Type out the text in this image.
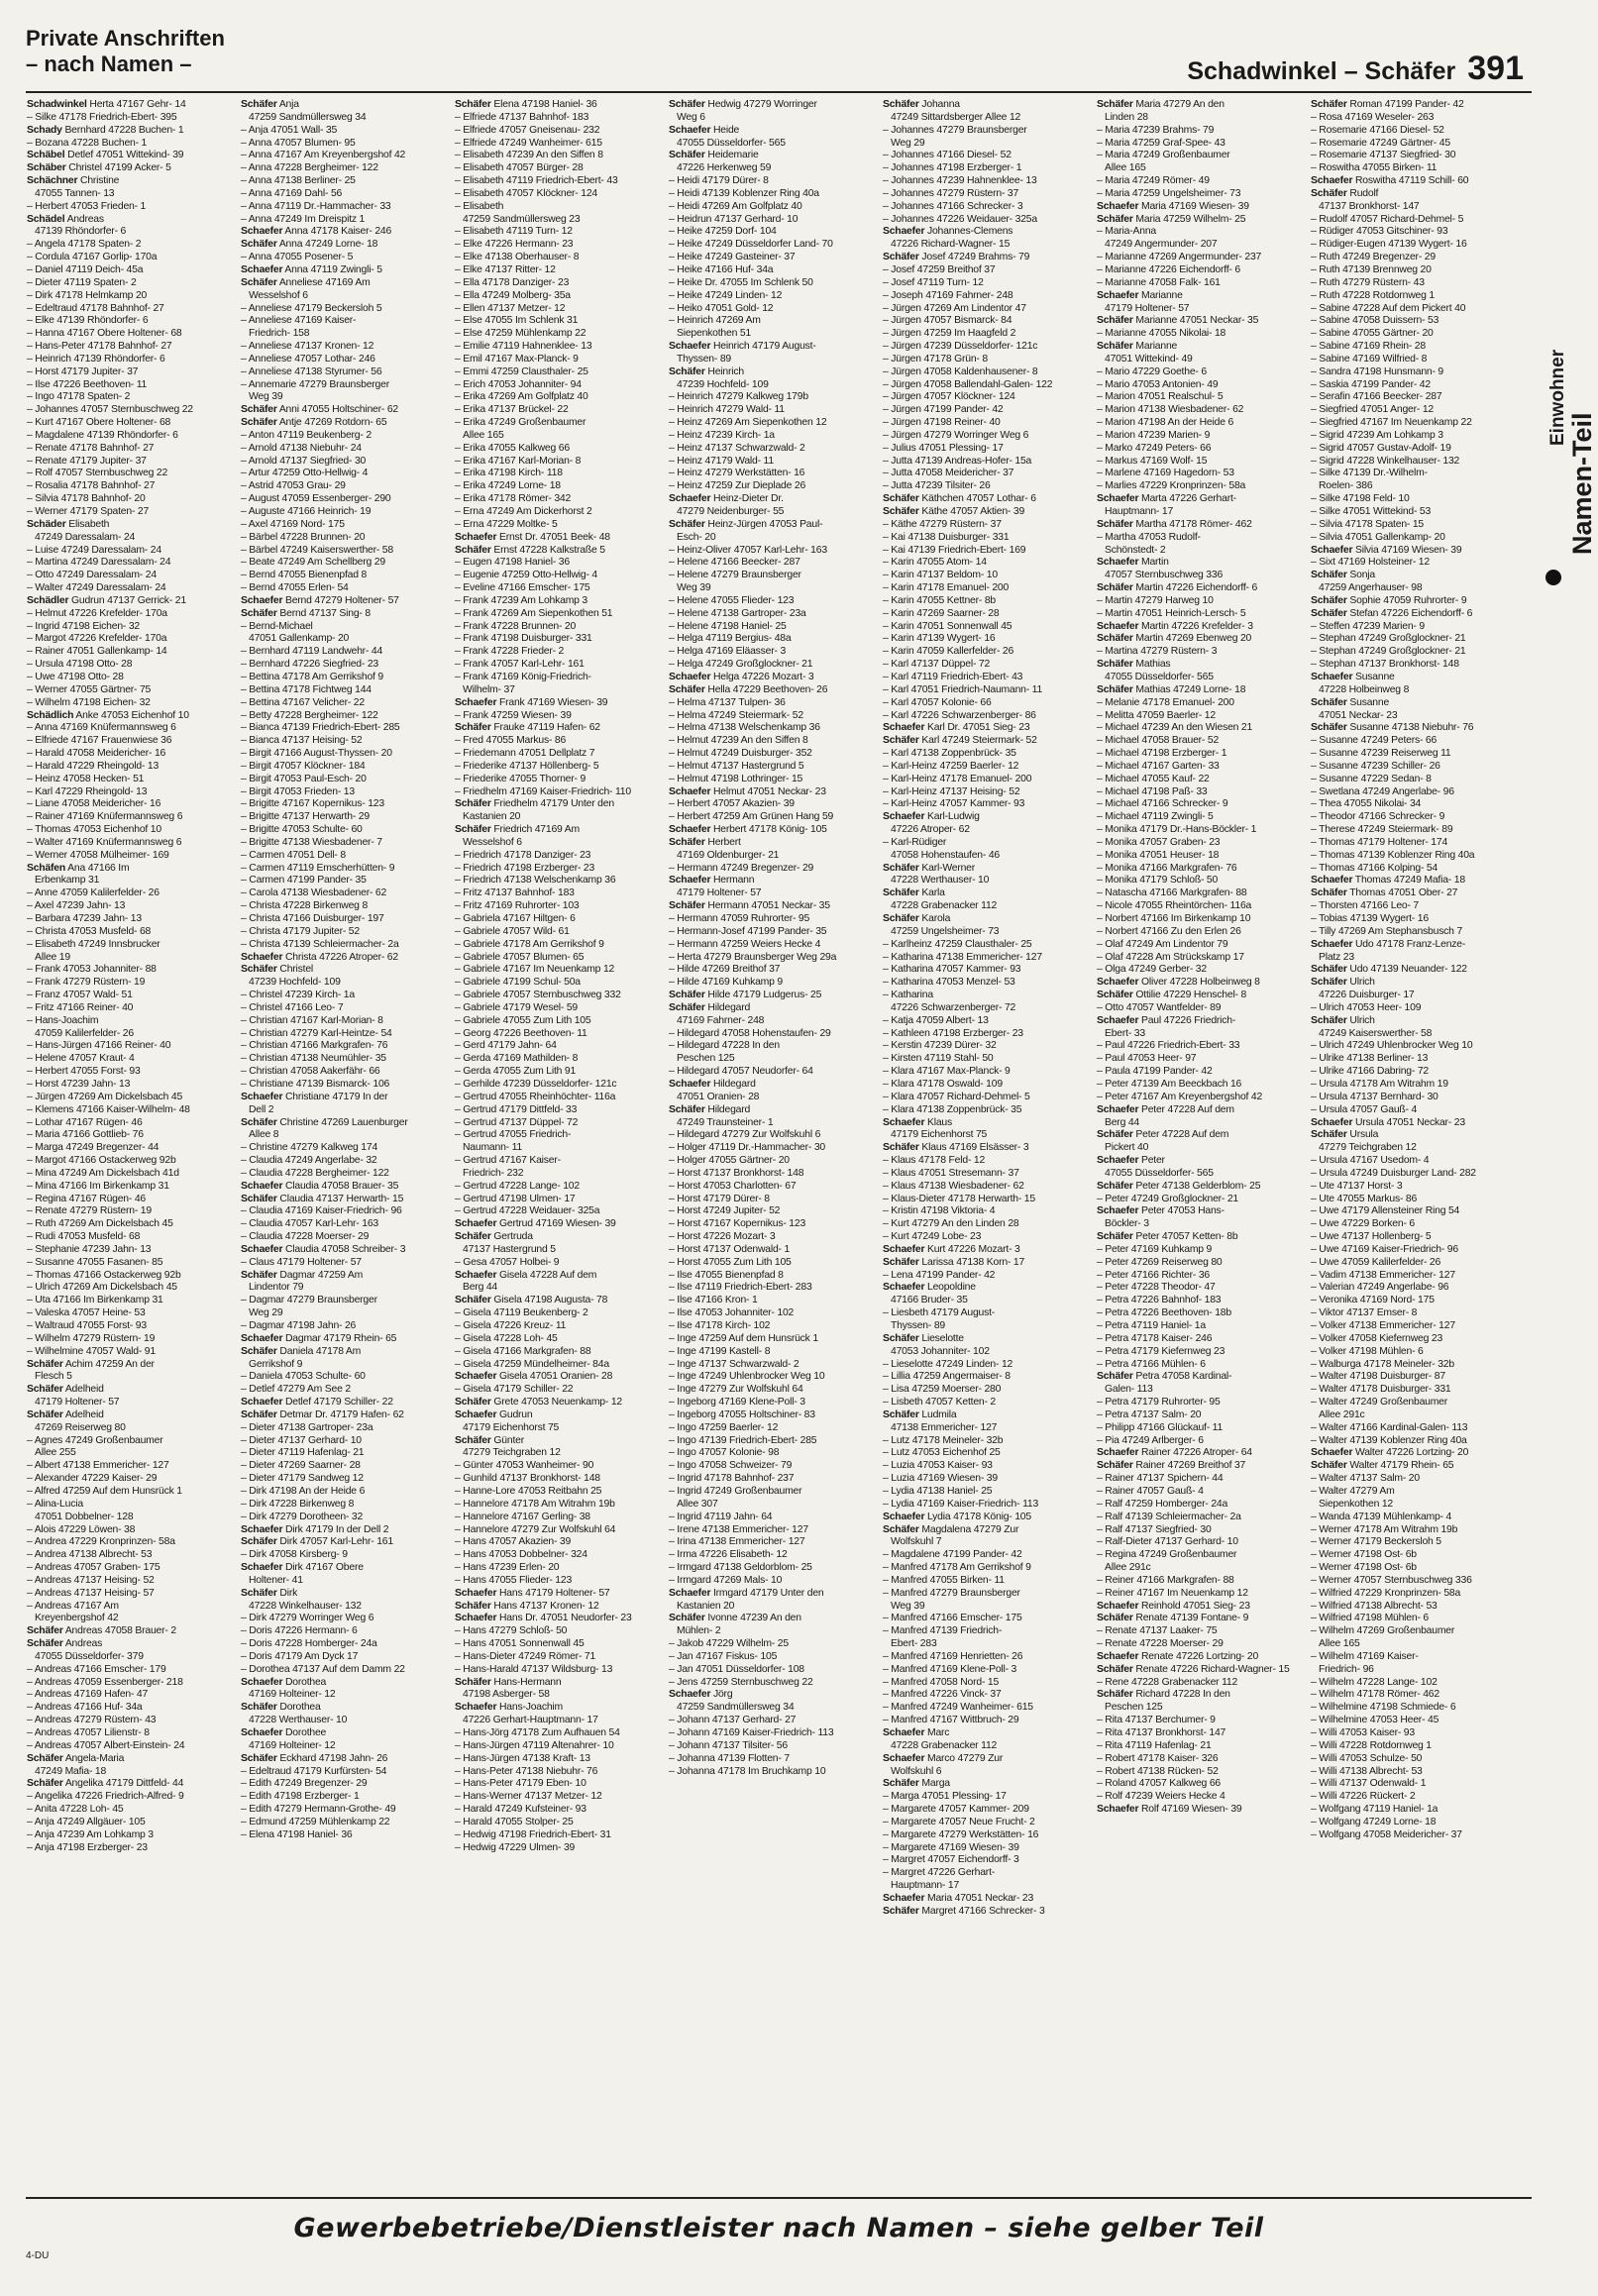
Private Anschriften
– nach Namen –	Schadwinkel – Schäfer 391
Schadwinkel Herta 47167 Gehr- 14
– Silke 47178 Friedrich-Ebert- 395
Schady Bernhard 47228 Buchen- 1
– Bozana 47228 Buchen- 1
Schäbel Detlef 47051 Wittekind- 39
Schäber Christel 47199 Acker- 5
Schächner Christine
47055 Tannen- 13
– Herbert 47053 Frieden- 1
Schädel Andreas
47139 Rhöndorfer- 6
– Angela 47178 Spaten- 2
– Cordula 47167 Gorlip- 170a
– Daniel 47119 Deich- 45a
– Dieter 47119 Spaten- 2
– Dirk 47178 Helmkamp 20
– Edeltraud 47178 Bahnhof- 27
– Elke 47139 Rhöndorfer- 6
– Hanna 47167 Obere Holtener- 68
– Hans-Peter 47178 Bahnhof- 27
– Heinrich 47139 Rhöndorfer- 6
– Horst 47179 Jupiter- 37
– Ilse 47226 Beethoven- 11
– Ingo 47178 Spaten- 2
– Johannes 47057 Sternbuschweg 22
– Kurt 47167 Obere Holtener- 68
– Magdalene 47139 Rhöndorfer- 6
– Renate 47178 Bahnhof- 27
– Renate 47179 Jupiter- 37
– Rolf 47057 Sternbuschweg 22
– Rosalia 47178 Bahnhof- 27
– Silvia 47178 Bahnhof- 20
– Werner 47179 Spaten- 27
Schäder Elisabeth
47249 Daressalam- 24
– Luise 47249 Daressalam- 24
– Martina 47249 Daressalam- 24
– Otto 47249 Daressalam- 24
– Walter 47249 Daressalam- 24
Schädler Gudrun 47137 Gerrick- 21
– Helmut 47226 Krefelder- 170a
– Ingrid 47198 Eichen- 32
– Margot 47226 Krefelder- 170a
– Rainer 47051 Gallenkamp- 14
– Ursula 47198 Otto- 28
– Uwe 47198 Otto- 28
– Werner 47055 Gärtner- 75
– Wilhelm 47198 Eichen- 32
Schädlich Anke 47053 Eichenhof 10
– Anna 47169 Knüfermannsweg 6
– Elfriede 47167 Frauenwiese 36
– Harald 47058 Meidericher- 16
– Harald 47229 Rheingold- 13
– Heinz 47058 Hecken- 51
– Karl 47229 Rheingold- 13
– Liane 47058 Meidericher- 16
– Rainer 47169 Knüfermannsweg 6
– Thomas 47053 Eichenhof 10
– Walter 47169 Knüfermannsweg 6
– Werner 47058 Mülheimer- 169
Schäfen Ana 47166 Im
Erbenkamp 31
– Anne 47059 Kalilerfelder- 26
– Axel 47239 Jahn- 13
– Barbara 47239 Jahn- 13
– Christa 47053 Musfeld- 68
– Elisabeth 47249 Innsbrucker
Allee 19
– Frank 47053 Johanniter- 88
– Frank 47279 Rüstern- 19
– Franz 47057 Wald- 51
– Fritz 47166 Reiner- 40
– Hans-Joachim
47059 Kalilerfelder- 26
– Hans-Jürgen 47166 Reiner- 40
– Helene 47057 Kraut- 4
– Herbert 47055 Forst- 93
– Horst 47239 Jahn- 13
– Jürgen 47269 Am Dickelsbach 45
– Klemens 47166 Kaiser-Wilhelm- 48
– Lothar 47167 Rügen- 46
– Maria 47166 Gottlieb- 76
– Marga 47249 Bregenzer- 44
– Margot 47166 Ostackerweg 92b
– Mina 47249 Am Dickelsbach 41d
– Mina 47166 Im Birkenkamp 31
– Regina 47167 Rügen- 46
– Renate 47279 Rüstern- 19
– Ruth 47269 Am Dickelsbach 45
– Rudi 47053 Musfeld- 68
– Stephanie 47239 Jahn- 13
– Susanne 47055 Fasanen- 85
– Thomas 47166 Ostackerweg 92b
– Ulrich 47269 Am Dickelsbach 45
– Uta 47166 Im Birkenkamp 31
– Valeska 47057 Heine- 53
– Waltraud 47055 Forst- 93
– Wilhelm 47279 Rüstern- 19
– Wilhelmine 47057 Wald- 91
Schäfer Achim 47259 An der
Flesch 5
Schäfer Adelheid
47179 Holtener- 57
Schäfer Adelheid
47269 Reiserweg 80
– Agnes 47249 Großenbaumer
Allee 255
– Albert 47138 Emmericher- 127
– Alexander 47229 Kaiser- 29
– Alfred 47259 Auf dem Hunsrück 1
– Alina-Lucia
47051 Dobbelner- 128
– Alois 47229 Löwen- 38
– Andrea 47229 Kronprinzen- 58a
– Andrea 47138 Albrecht- 53
– Andreas 47057 Graben- 175
– Andreas 47137 Heising- 52
– Andreas 47137 Heising- 57
– Andreas 47167 Am
Kreyenbergshof 42
Schäfer Andreas 47058 Brauer- 2
Schäfer Andreas
47055 Düsseldorfer- 379
– Andreas 47166 Emscher- 179
– Andreas 47059 Essenberger- 218
– Andreas 47169 Hafen- 47
– Andreas 47166 Huf- 34a
– Andreas 47279 Rüstern- 43
– Andreas 47057 Lilienstr- 8
– Andreas 47057 Albert-Einstein- 24
Schäfer Angela-Maria
47249 Mafia- 18
Schäfer Angelika 47179 Dittfeld- 44
– Angelika 47226 Friedrich-Alfred- 9
– Anita 47228 Loh- 45
– Anja 47249 Allgäuer- 105
– Anja 47239 Am Lohkamp 3
– Anja 47198 Erzberger- 23
Schäfer Anja
47259 Sandmüllersweg 34
– Anja 47051 Wall- 35
– Anna 47057 Blumen- 95
– Anna 47167 Am Kreyenbergshof 42
– Anna 47228 Bergheimer- 122
– Anna 47138 Berliner- 25
– Anna 47169 Dahl- 56
– Anna 47119 Dr.-Hammacher- 33
– Anna 47249 Im Dreispitz 1
Schaefer Anna 47178 Kaiser- 246
Schäfer Anna 47249 Lorne- 18
– Anna 47055 Posener- 5
Schaefer Anna 47119 Zwingli- 5
Schäfer Anneliese 47169 Am
Wesselshof 6
– Anneliese 47179 Beckersloh 5
– Anneliese 47169 Kaiser-
Friedrich- 158
– Anneliese 47137 Kronen- 12
– Anneliese 47057 Lothar- 246
– Anneliese 47138 Styrumer- 56
– Annemarie 47279 Braunsberger
Weg 39
Schäfer Anni 47055 Holtschiner- 62
Schäfer Antje 47269 Rotdorn- 65
– Anton 47119 Beukenberg- 2
– Arnold 47138 Niebuhr- 24
– Arnold 47137 Siegfried- 30
– Artur 47259 Otto-Hellwig- 4
– Astrid 47053 Grau- 29
– August 47059 Essenberger- 290
– Auguste 47166 Heinrich- 19
– Axel 47169 Nord- 175
– Bärbel 47228 Brunnen- 20
– Bärbel 47249 Kaiserswerther- 58
– Beate 47249 Am Schellberg 29
– Bernd 47055 Bienenpfad 8
– Bernd 47055 Erlen- 54
Schaefer Bernd 47279 Holtener- 57
Schäfer Bernd 47137 Sing- 8
– Bernd-Michael
47051 Gallenkamp- 20
– Bernhard 47119 Landwehr- 44
– Bernhard 47226 Siegfried- 23
– Bettina 47178 Am Gerrikshof 9
– Bettina 47178 Fichtweg 144
– Bettina 47167 Velicher- 22
– Betty 47228 Bergheimer- 122
– Bianca 47139 Friedrich-Ebert- 285
– Bianca 47137 Heising- 52
– Birgit 47166 August-Thyssen- 20
– Birgit 47057 Klöckner- 184
– Birgit 47053 Paul-Esch- 20
– Birgit 47053 Frieden- 13
– Brigitte 47167 Kopernikus- 123
– Brigitte 47137 Herwarth- 29
– Brigitte 47053 Schulte- 60
– Brigitte 47138 Wiesbadener- 7
– Carmen 47051 Dell- 8
– Carmen 47119 Emscherhütten- 9
– Carmen 47199 Pander- 35
– Carola 47138 Wiesbadener- 62
– Christa 47228 Birkenweg 8
– Christa 47166 Duisburger- 197
– Christa 47179 Jupiter- 52
– Christa 47139 Schleiermacher- 2a
Schaefer Christa 47226 Atroper- 62
Schäfer Christel
47239 Hochfeld- 109
– Christel 47239 Kirch- 1a
– Christel 47166 Leo- 7
– Christian 47167 Karl-Morian- 8
– Christian 47279 Karl-Heintze- 54
– Christian 47166 Markgrafen- 76
– Christian 47138 Neumühler- 35
– Christian 47058 Aakerfähr- 66
– Christiane 47139 Bismarck- 106
Schaefer Christiane 47179 In der
Dell 2
Schäfer Christine 47269 Lauenburger
Allee 8
– Christine 47279 Kalkweg 174
– Claudia 47249 Angerlabe- 32
– Claudia 47228 Bergheimer- 122
Schaefer Claudia 47058 Brauer- 35
Schäfer Claudia 47137 Herwarth- 15
– Claudia 47169 Kaiser-Friedrich- 96
– Claudia 47057 Karl-Lehr- 163
– Claudia 47228 Moerser- 29
Schaefer Claudia 47058 Schreiber- 3
– Claus 47179 Holtener- 57
Schäfer Dagmar 47259 Am
Lindentor 79
– Dagmar 47279 Braunsberger
Weg 29
– Dagmar 47198 Jahn- 26
Schaefer Dagmar 47179 Rhein- 65
Schäfer Daniela 47178 Am
Gerrikshof 9
– Daniela 47053 Schulte- 60
– Detlef 47279 Am See 2
Schaefer Detlef 47179 Schiller- 22
Schäfer Detmar Dr. 47179 Hafen- 62
– Dieter 47138 Gartroper- 23a
– Dieter 47137 Gerhard- 10
– Dieter 47119 Hafenlag- 21
– Dieter 47269 Saarner- 28
– Dieter 47179 Sandweg 12
– Dirk 47198 An der Heide 6
– Dirk 47228 Birkenweg 8
– Dirk 47279 Dorotheen- 32
Schaefer Dirk 47179 In der Dell 2
Schäfer Dirk 47057 Karl-Lehr- 161
– Dirk 47058 Kirsberg- 9
Schaefer Dirk 47167 Obere
Holtener- 41
Schäfer Dirk
47228 Winkelhauser- 132
– Dirk 47279 Worringer Weg 6
– Doris 47226 Hermann- 6
– Doris 47228 Homberger- 24a
– Doris 47179 Am Dyck 17
– Dorothea 47137 Auf dem Damm 22
Schaefer Dorothea
47169 Holteiner- 12
Schäfer Dorothea
47228 Werthauser- 10
Schaefer Dorothee
47169 Holteiner- 12
Schäfer Eckhard 47198 Jahn- 26
– Edeltraud 47179 Kurfürsten- 54
– Edith 47249 Bregenzer- 29
– Edith 47198 Erzberger- 1
– Edith 47279 Hermann-Grothe- 49
– Edmund 47259 Mühlenkamp 22
– Elena 47198 Haniel- 36
Schäfer Elena 47198 Haniel- 36
– Elfriede 47137 Bahnhof- 183
– Elfriede 47057 Gneisenau- 232
– Elfriede 47249 Wanheimer- 615
– Elisabeth 47239 An den Siffen 8
– Elisabeth 47057 Bürger- 28
– Elisabeth 47119 Friedrich-Ebert- 43
– Elisabeth 47057 Klöckner- 124
– Elisabeth
47259 Sandmüllersweg 23
– Elisabeth 47119 Turn- 12
– Elke 47226 Hermann- 23
– Elke 47138 Oberhauser- 8
– Elke 47137 Ritter- 12
– Ella 47178 Danziger- 23
– Ella 47249 Molberg- 35a
– Ellen 47137 Metzer- 12
– Else 47055 Im Schlenk 31
– Else 47259 Mühlenkamp 22
– Emilie 47119 Hahnenklee- 13
– Emil 47167 Max-Planck- 9
– Emmi 47259 Clausthaler- 25
– Erich 47053 Johanniter- 94
– Erika 47269 Am Golfplatz 40
– Erika 47137 Brückel- 22
– Erika 47249 Großenbaumer
Allee 165
– Erika 47055 Kalkweg 66
– Erika 47167 Karl-Morian- 8
– Erika 47198 Kirch- 118
– Erika 47249 Lorne- 18
– Erika 47178 Römer- 342
– Erna 47249 Am Dickerhorst 2
– Erna 47229 Moltke- 5
Schaefer Ernst Dr. 47051 Beek- 48
Schäfer Ernst 47228 Kalkstraße 5
– Eugen 47198 Haniel- 36
– Eugenie 47259 Otto-Hellwig- 4
– Eveline 47166 Emscher- 175
– Frank 47239 Am Lohkamp 3
– Frank 47269 Am Siepenkothen 51
– Frank 47228 Brunnen- 20
– Frank 47198 Duisburger- 331
– Frank 47228 Frieder- 2
– Frank 47057 Karl-Lehr- 161
– Frank 47169 König-Friedrich-
Wilhelm- 37
Schaefer Frank 47169 Wiesen- 39
– Frank 47259 Wiesen- 39
Schäfer Frauke 47119 Hafen- 62
– Fred 47055 Markus- 86
– Friedemann 47051 Dellplatz 7
– Friederike 47137 Höllenberg- 5
– Friederike 47055 Thorner- 9
– Friedhelm 47169 Kaiser-Friedrich- 110
Schäfer Friedhelm 47179 Unter den
Kastanien 20
Schäfer Friedrich 47169 Am
Wesselshof 6
– Friedrich 47178 Danziger- 23
– Friedrich 47198 Erzberger- 23
– Friedrich 47138 Welschenkamp 36
– Fritz 47137 Bahnhof- 183
– Fritz 47169 Ruhrorter- 103
– Gabriela 47167 Hiltgen- 6
– Gabriele 47057 Wild- 61
– Gabriele 47178 Am Gerrikshof 9
– Gabriele 47057 Blumen- 65
– Gabriele 47167 Im Neuenkamp 12
– Gabriele 47199 Schul- 50a
– Gabriele 47057 Sternbuschweg 332
– Gabriele 47179 Wesel- 59
– Gabriele 47055 Zum Lith 105
– Georg 47226 Beethoven- 11
– Gerd 47179 Jahn- 64
– Gerda 47169 Mathilden- 8
– Gerda 47055 Zum Lith 91
– Gerhilde 47239 Düsseldorfer- 121c
– Gertrud 47055 Rheinhöchter- 116a
– Gertrud 47179 Dittfeld- 33
– Gertrud 47137 Düppel- 72
– Gertrud 47055 Friedrich-
Naumann- 11
– Gertrud 47167 Kaiser-
Friedrich- 232
– Gertrud 47228 Lange- 102
– Gertrud 47198 Ulmen- 17
– Gertrud 47228 Weidauer- 325a
Schaefer Gertrud 47169 Wiesen- 39
Schäfer Gertruda
47137 Hastergrund 5
– Gesa 47057 Holbei- 9
Schaefer Gisela 47228 Auf dem
Berg 44
Schäfer Gisela 47198 Augusta- 78
– Gisela 47119 Beukenberg- 2
– Gisela 47226 Kreuz- 11
– Gisela 47228 Loh- 45
– Gisela 47166 Markgrafen- 88
– Gisela 47259 Mündelheimer- 84a
Schaefer Gisela 47051 Oranien- 28
– Gisela 47179 Schiller- 22
Schäfer Grete 47053 Neuenkamp- 12
Schaefer Gudrun
47179 Eichenhorst 75
Schäfer Günter
47279 Teichgraben 12
– Günter 47053 Wanheimer- 90
– Gunhild 47137 Bronkhorst- 148
– Hanne-Lore 47053 Reitbahn 25
– Hannelore 47178 Am Witrahm 19b
– Hannelore 47167 Gerling- 38
– Hannelore 47279 Zur Wolfskuhl 64
– Hans 47057 Akazien- 39
– Hans 47053 Dobbelner- 324
– Hans 47239 Erlen- 20
– Hans 47055 Flieder- 123
Schaefer Hans 47179 Holtener- 57
Schäfer Hans 47137 Kronen- 12
Schaefer Hans Dr. 47051 Neudorfer- 23
– Hans 47279 Schloß- 50
– Hans 47051 Sonnenwall 45
– Hans-Dieter 47249 Römer- 71
– Hans-Harald 47137 Wildsburg- 13
Schäfer Hans-Hermann
47198 Asberger- 58
Schaefer Hans-Joachim
47226 Gerhart-Hauptmann- 17
– Hans-Jörg 47178 Zum Aufhauen 54
– Hans-Jürgen 47119 Altenahrer- 10
– Hans-Jürgen 47138 Kraft- 13
– Hans-Peter 47138 Niebuhr- 76
– Hans-Peter 47179 Eben- 10
– Hans-Werner 47137 Metzer- 12
– Harald 47249 Kufsteiner- 93
– Harald 47055 Stolper- 25
– Hedwig 47198 Friedrich-Ebert- 31
– Hedwig 47229 Ulmen- 39
Schäfer Hedwig 47279 Worringer
Weg 6
Schaefer Heide
47055 Düsseldorfer- 565
Schäfer Heidemarie
47226 Herkenweg 59
– Heidi 47179 Dürer- 8
– Heidi 47139 Koblenzer Ring 40a
– Heidi 47269 Am Golfplatz 40
– Heidrun 47137 Gerhard- 10
– Heike 47259 Dorf- 104
– Heike 47249 Düsseldorfer Land- 70
– Heike 47249 Gasteiner- 37
– Heike 47166 Huf- 34a
– Heike Dr. 47055 Im Schlenk 50
– Heike 47249 Linden- 12
– Heiko 47051 Gold- 12
– Heinrich 47269 Am
Siepenkothen 51
Schaefer Heinrich 47179 August-
Thyssen- 89
Schäfer Heinrich
47239 Hochfeld- 109
– Heinrich 47279 Kalkweg 179b
– Heinrich 47279 Wald- 11
– Heinz 47269 Am Siepenkothen 12
– Heinz 47239 Kirch- 1a
– Heinz 47137 Schwarzwald- 2
– Heinz 47179 Wald- 11
– Heinz 47279 Werkstätten- 16
– Heinz 47259 Zur Diepladе 26
Schaefer Heinz-Dieter Dr.
47279 Neidenburger- 55
Schäfer Heinz-Jürgen 47053 Paul-
Esch- 20
– Heinz-Oliver 47057 Karl-Lehr- 163
– Helene 47166 Beecker- 287
– Helene 47279 Braunsberger
Weg 39
– Helene 47055 Flieder- 123
– Helene 47138 Gartroper- 23a
– Helene 47198 Haniel- 25
– Helga 47119 Bergius- 48a
– Helga 47169 Eläasser- 3
– Helga 47249 Großglockner- 21
Schaefer Helga 47226 Mozart- 3
Schäfer Hella 47229 Beethoven- 26
– Helma 47137 Tulpen- 36
– Helma 47249 Steiermark- 52
– Helma 47138 Welschenkamp 36
– Helmut 47239 An den Siffen 8
– Helmut 47249 Duisburger- 352
– Helmut 47137 Hastergrund 5
– Helmut 47198 Lothringer- 15
Schaefer Helmut 47051 Neckar- 23
– Herbert 47057 Akazien- 39
– Herbert 47259 Am Grünen Hang 59
Schaefer Herbert 47178 König- 105
Schäfer Herbert
47169 Oldenburger- 21
– Hermann 47249 Bregenzer- 29
Schaefer Hermann
47179 Holtener- 57
Schäfer Hermann 47051 Neckar- 35
– Hermann 47059 Ruhrorter- 95
– Hermann-Josef 47199 Pander- 35
– Hermann 47259 Weiers Hecke 4
– Herta 47279 Braunsberger Weg 29a
– Hilde 47269 Breithof 37
– Hilde 47169 Kuhkamp 9
Schäfer Hilde 47179 Ludgerus- 25
Schäfer Hildegard
47169 Fahrner- 248
– Hildegard 47058 Hohenstaufen- 29
– Hildegard 47228 In den
Peschen 125
– Hildegard 47057 Neudorfer- 64
Schaefer Hildegard
47051 Oranien- 28
Schäfer Hildegard
47249 Traunsteiner- 1
– Hildegard 47279 Zur Wolfskuhl 6
– Holger 47119 Dr.-Hammacher- 30
– Holger 47055 Gärtner- 20
– Horst 47137 Bronkhorst- 148
– Horst 47053 Charlotten- 67
– Horst 47179 Dürer- 8
– Horst 47249 Jupiter- 52
– Horst 47167 Kopernikus- 123
– Horst 47226 Mozart- 3
– Horst 47137 Odenwald- 1
– Horst 47055 Zum Lith 105
– Ilse 47055 Bienenpfad 8
– Ilse 47119 Friedrich-Ebert- 283
– Ilse 47166 Kron- 1
– Ilse 47053 Johanniter- 102
– Ilse 47178 Kirch- 102
– Inge 47259 Auf dem Hunsrück 1
– Inge 47199 Kastell- 8
– Inge 47137 Schwarzwald- 2
– Inge 47249 Uhlenbrocker Weg 10
– Inge 47279 Zur Wolfskuhl 64
– Ingeborg 47169 Klene-Poll- 3
– Ingeborg 47055 Holtschiner- 83
– Ingo 47259 Baerler- 12
– Ingo 47139 Friedrich-Ebert- 285
– Ingo 47057 Kolonie- 98
– Ingo 47058 Schweizer- 79
– Ingrid 47178 Bahnhof- 237
– Ingrid 47249 Großenbaumer
Allee 307
– Ingrid 47119 Jahn- 64
– Irene 47138 Emmericher- 127
– Irina 47138 Emmericher- 127
– Irma 47226 Elisabeth- 12
– Irmgard 47138 Geldorblom- 25
– Irmgard 47269 Mals- 10
Schaefer Irmgard 47179 Unter den
Kastanien 20
Schäfer Ivonne 47239 An den
Mühlen- 2
– Jakob 47229 Wilhelm- 25
– Jan 47167 Fiskus- 105
– Jan 47051 Düsseldorfer- 108
– Jens 47259 Sternbuschweg 22
Schaefer Jörg
47259 Sandmüllersweg 34
– Johann 47137 Gerhard- 27
– Johann 47169 Kaiser-Friedrich- 113
– Johann 47137 Tilsiter- 56
– Johanna 47139 Flotten- 7
– Johanna 47178 Im Bruchkamp 10
Schäfer Johanna
47249 Sittardsberger Allee 12
– Johannes 47279 Braunsberger
Weg 29
– Johannes 47166 Diesel- 52
– Johannes 47198 Erzberger- 1
– Johannes 47239 Hahnenklee- 13
– Johannes 47279 Rüstern- 37
– Johannes 47166 Schrecker- 3
– Johannes 47226 Weidauer- 325a
Schaefer Johannes-Clemens
47226 Richard-Wagner- 15
Schäfer Josef 47249 Brahms- 79
– Josef 47259 Breithof 37
– Josef 47119 Turn- 12
– Joseph 47169 Fahrner- 248
– Jürgen 47269 Am Lindentor 47
– Jürgen 47057 Bismarck- 84
– Jürgen 47259 Im Haagfeld 2
– Jürgen 47239 Düsseldorfer- 121c
– Jürgen 47178 Grün- 8
– Jürgen 47058 Kaldenhausener- 8
– Jürgen 47058 Ballendahl-Galen- 122
– Jürgen 47057 Klöckner- 124
– Jürgen 47199 Pander- 42
– Jürgen 47198 Reiner- 40
– Jürgen 47279 Worringer Weg 6
– Julius 47051 Plessing- 17
– Jutta 47139 Andreas-Hofer- 15a
– Jutta 47058 Meidericher- 37
– Jutta 47239 Tilsiter- 26
Schäfer Käthchen 47057 Lothar- 6
Schäfer Käthe 47057 Aktien- 39
– Käthe 47279 Rüstern- 37
– Kai 47138 Duisburger- 331
– Kai 47139 Friedrich-Ebert- 169
– Karin 47055 Atom- 14
– Karin 47137 Beldom- 10
– Karin 47178 Emanuel- 200
– Karin 47055 Kettner- 8b
– Karin 47269 Saarner- 28
– Karin 47051 Sonnenwall 45
– Karin 47139 Wygert- 16
– Karin 47059 Kallerfelder- 26
– Karl 47137 Düppel- 72
– Karl 47119 Friedrich-Ebert- 43
– Karl 47051 Friedrich-Naumann- 11
– Karl 47057 Kolonie- 66
– Karl 47226 Schwarzenberger- 86
Schaefer Karl Dr. 47051 Sieg- 23
Schäfer Karl 47249 Steiermark- 52
– Karl 47138 Zoppenbrück- 35
– Karl-Heinz 47259 Baerler- 12
– Karl-Heinz 47178 Emanuel- 200
– Karl-Heinz 47137 Heising- 52
– Karl-Heinz 47057 Kammer- 93
Schaefer Karl-Ludwig
47226 Atroper- 62
– Karl-Rüdiger
47058 Hohenstaufen- 46
Schäfer Karl-Werner
47228 Werthauser- 10
Schäfer Karla
47228 Grabenacker 112
Schäfer Karola
47259 Ungelsheimer- 73
– Karlheinz 47259 Clausthaler- 25
– Katharina 47138 Emmericher- 127
– Katharina 47057 Kammer- 93
– Katharina 47053 Menzel- 53
– Katharina
47226 Schwarzenberger- 72
– Katja 47059 Albert- 13
– Kathleen 47198 Erzberger- 23
– Kerstin 47239 Dürer- 32
– Kirsten 47119 Stahl- 50
– Klara 47167 Max-Planck- 9
– Klara 47178 Oswald- 109
– Klara 47057 Richard-Dehmel- 5
– Klara 47138 Zoppenbrück- 35
Schaefer Klaus
47179 Eichenhorst 75
Schäfer Klaus 47169 Elsässer- 3
– Klaus 47178 Feld- 12
– Klaus 47051 Stresemann- 37
– Klaus 47138 Wiesbadener- 62
– Klaus-Dieter 47178 Herwarth- 15
– Kristin 47198 Viktoria- 4
– Kurt 47279 An den Linden 28
– Kurt 47249 Lobe- 23
Schaefer Kurt 47226 Mozart- 3
Schäfer Larissa 47138 Korn- 17
– Lena 47199 Pander- 42
Schaefer Leopoldine
47166 Bruder- 35
– Liesbeth 47179 August-
Thyssen- 89
Schäfer Lieselotte
47053 Johanniter- 102
– Lieselotte 47249 Linden- 12
– Lillia 47259 Angermaiser- 8
– Lisa 47259 Moerser- 280
– Lisbeth 47057 Ketten- 2
Schäfer Ludmila
47138 Emmericher- 127
– Lutz 47178 Meineler- 32b
– Lutz 47053 Eichenhof 25
– Luzia 47053 Kaiser- 93
– Luzia 47169 Wiesen- 39
– Lydia 47138 Haniel- 25
– Lydia 47169 Kaiser-Friedrich- 113
Schaefer Lydia 47178 König- 105
Schäfer Magdalena 47279 Zur
Wolfskuhl 7
– Magdalene 47199 Pander- 42
– Manfred 47178 Am Gerrikshof 9
– Manfred 47055 Birken- 11
– Manfred 47279 Braunsberger
Weg 39
– Manfred 47166 Emscher- 175
– Manfred 47139 Friedrich-
Ebert- 283
– Manfred 47169 Henrietten- 26
– Manfred 47169 Klene-Poll- 3
– Manfred 47058 Nord- 15
– Manfred 47226 Vinck- 37
– Manfred 47249 Wanheimer- 615
– Manfred 47167 Wittbruch- 29
Schaefer Marc
47228 Grabenacker 112
Schaefer Marco 47279 Zur
Wolfskuhl 6
Schäfer Marga
– Marga 47051 Plessing- 17
– Margarete 47057 Kammer- 209
– Margarete 47057 Neue Frucht- 2
– Margarete 47279 Werkstätten- 16
– Margarete 47169 Wiesen- 39
– Margret 47057 Eichendorff- 3
– Margret 47226 Gerhart-
Hauptmann- 17
Schaefer Maria 47051 Neckar- 23
Schäfer Margret 47166 Schrecker- 3
Schäfer Maria 47279 An den
Linden 28
– Maria 47239 Brahms- 79
– Maria 47259 Graf-Spee- 43
– Maria 47249 Großenbaumer
Allee 165
– Maria 47249 Römer- 49
– Maria 47259 Ungelsheimer- 73
Schaefer Maria 47169 Wiesen- 39
Schäfer Maria 47259 Wilhelm- 25
– Maria-Anna
47249 Angermunder- 207
– Marianne 47269 Angermunder- 237
– Marianne 47226 Eichendorff- 6
– Marianne 47058 Falk- 161
Schaefer Marianne
47179 Holtener- 57
Schäfer Marianne 47051 Neckar- 35
– Marianne 47055 Nikolai- 18
Schäfer Marianne
47051 Wittekind- 49
– Mario 47229 Goethe- 6
– Mario 47053 Antonien- 49
– Marion 47051 Realschul- 5
– Marion 47138 Wiesbadener- 62
– Marion 47198 An der Heide 6
– Marion 47239 Marien- 9
– Marko 47249 Peters- 66
– Markus 47169 Wolf- 15
– Marlene 47169 Hagedorn- 53
– Marlies 47229 Kronprinzen- 58a
Schaefer Marta 47226 Gerhart-
Hauptmann- 17
Schäfer Martha 47178 Römer- 462
– Martha 47053 Rudolf-
Schönstedt- 2
Schaefer Martin
47057 Sternbuschweg 336
Schäfer Martin 47226 Eichendorff- 6
– Martin 47279 Harweg 10
– Martin 47051 Heinrich-Lersch- 5
Schaefer Martin 47226 Krefelder- 3
Schäfer Martin 47269 Ebenweg 20
– Martina 47279 Rüstern- 3
Schäfer Mathias
47055 Düsseldorfer- 565
Schäfer Mathias 47249 Lorne- 18
– Melanie 47178 Emanuel- 200
– Melitta 47059 Baerler- 12
– Michael 47239 An den Wiesen 21
– Michael 47058 Brauer- 52
– Michael 47198 Erzberger- 1
– Michael 47167 Garten- 33
– Michael 47055 Kauf- 22
– Michael 47198 Paß- 33
– Michael 47166 Schrecker- 9
– Michael 47119 Zwingli- 5
– Monika 47179 Dr.-Hans-Böckler- 1
– Monika 47057 Graben- 23
– Monika 47051 Heuser- 18
– Monika 47166 Markgrafen- 76
– Monika 47179 Schloß- 50
– Natascha 47166 Markgrafen- 88
– Nicole 47055 Rheintörchen- 116a
– Norbert 47166 Im Birkenkamp 10
– Norbert 47166 Zu den Erlen 26
– Olaf 47249 Am Lindentor 79
– Olaf 47228 Am Strückskamp 17
– Olga 47249 Gerber- 32
Schaefer Oliver 47228 Holbeinweg 8
Schäfer Ottilie 47229 Henschel- 8
– Otto 47057 Wantfelder- 89
Schaefer Paul 47226 Friedrich-
Ebert- 33
– Paul 47226 Friedrich-Ebert- 33
– Paul 47053 Heer- 97
– Paula 47199 Pander- 42
– Peter 47139 Am Beeckbach 16
– Peter 47167 Am Kreyenbergshof 42
Schaefer Peter 47228 Auf dem
Berg 44
Schäfer Peter 47228 Auf dem
Pickert 40
Schaefer Peter
47055 Düsseldorfer- 565
Schäfer Peter 47138 Gelderblom- 25
– Peter 47249 Großglockner- 21
Schaefer Peter 47053 Hans-
Böckler- 3
Schäfer Peter 47057 Ketten- 8b
– Peter 47169 Kuhkamp 9
– Peter 47269 Reiserweg 80
– Peter 47166 Richter- 36
– Peter 47228 Theodor- 47
– Petra 47226 Bahnhof- 183
– Petra 47226 Beethoven- 18b
– Petra 47119 Haniel- 1a
– Petra 47178 Kaiser- 246
– Petra 47179 Kiefernweg 23
– Petra 47166 Mühlen- 6
Schäfer Petra 47058 Kardinal-
Galen- 113
– Petra 47179 Ruhrorter- 95
– Petra 47137 Salm- 20
– Philipp 47166 Glückauf- 11
– Pia 47249 Arlberger- 6
Schaefer Rainer 47226 Atroper- 64
Schäfer Rainer 47269 Breithof 37
– Rainer 47137 Spichern- 44
– Rainer 47057 Gauß- 4
– Ralf 47259 Homberger- 24a
– Ralf 47139 Schleiermacher- 2a
– Ralf 47137 Siegfried- 30
– Ralf-Dieter 47137 Gerhard- 10
– Regina 47249 Großenbaumer
Allee 291c
– Reiner 47166 Markgrafen- 88
– Reiner 47167 Im Neuenkamp 12
Schaefer Reinhold 47051 Sieg- 23
Schäfer Renate 47139 Fontane- 9
– Renate 47137 Laaker- 75
– Renate 47228 Moerser- 29
Schaefer Renate 47226 Lortzing- 20
Schäfer Renate 47226 Richard-Wagner- 15
– Rene 47228 Grabenacker 112
Schäfer Richard 47228 In den
Peschen 125
– Rita 47137 Berchumer- 9
– Rita 47137 Bronkhorst- 147
– Rita 47119 Hafenlag- 21
– Robert 47178 Kaiser- 326
– Robert 47138 Rücken- 52
– Roland 47057 Kalkweg 66
– Rolf 47239 Weiers Hecke 4
Schaefer Rolf 47169 Wiesen- 39
Schäfer Roman 47199 Pander- 42
– Rosa 47169 Weseler- 263
– Rosemarie 47166 Diesel- 52
– Rosemarie 47249 Gärtner- 45
– Rosemarie 47137 Siegfried- 30
– Roswitha 47055 Birken- 11
Schaefer Roswitha 47119 Schill- 60
Schäfer Rudolf
47137 Bronkhorst- 147
– Rudolf 47057 Richard-Dehmel- 5
– Rüdiger 47053 Gitschiner- 93
– Rüdiger-Eugen 47139 Wygert- 16
– Ruth 47249 Bregenzer- 29
– Ruth 47139 Brennweg 20
– Ruth 47279 Rüstern- 43
– Ruth 47228 Rotdornweg 1
– Sabine 47228 Auf dem Pickert 40
– Sabine 47058 Duissern- 53
– Sabine 47055 Gärtner- 20
– Sabine 47169 Rhein- 28
– Sabine 47169 Wilfried- 8
– Sandra 47198 Hunsmann- 9
– Saskia 47199 Pander- 42
– Serafin 47166 Beecker- 287
– Siegfried 47051 Anger- 12
– Siegfried 47167 Im Neuenkamp 22
– Sigrid 47239 Am Lohkamp 3
– Sigrid 47057 Gustav-Adolf- 19
– Sigrid 47228 Winkelhauser- 132
– Silke 47139 Dr.-Wilhelm-
Roelen- 386
– Silke 47198 Feld- 10
– Silke 47051 Wittekind- 53
– Silvia 47178 Spaten- 15
– Silvia 47051 Gallenkamp- 20
Schaefer Silvia 47169 Wiesen- 39
– Sixt 47169 Holsteiner- 12
Schäfer Sonja
47259 Angerhauser- 98
Schäfer Sophie 47059 Ruhrorter- 9
Schäfer Stefan 47226 Eichendorff- 6
– Steffen 47239 Marien- 9
– Stephan 47249 Großglockner- 21
– Stephan 47249 Großglockner- 21
– Stephan 47137 Bronkhorst- 148
Schaefer Susanne
47228 Holbeinweg 8
Schäfer Susanne
47051 Neckar- 23
Schäfer Susanne 47138 Niebuhr- 76
– Susanne 47249 Peters- 66
– Susanne 47239 Reiserweg 11
– Susanne 47239 Schiller- 26
– Susanne 47229 Sedan- 8
– Swetlana 47249 Angerlabe- 96
– Thea 47055 Nikolai- 34
– Theodor 47166 Schrecker- 9
– Therese 47249 Steiermark- 89
– Thomas 47179 Holtener- 174
– Thomas 47139 Koblenzer Ring 40a
– Thomas 47166 Kolping- 54
Schaefer Thomas 47249 Mafia- 18
Schäfer Thomas 47051 Ober- 27
– Thorsten 47166 Leo- 7
– Tobias 47139 Wygert- 16
– Tilly 47269 Am Stephansbusch 7
Schaefer Udo 47178 Franz-Lenze-
Platz 23
Schäfer Udo 47139 Neuander- 122
Schäfer Ulrich
47226 Duisburger- 17
– Ulrich 47053 Heer- 109
Schäfer Ulrich
47249 Kaiserswerther- 58
– Ulrich 47249 Uhlenbrocker Weg 10
– Ulrike 47138 Berliner- 13
– Ulrike 47166 Dabring- 72
– Ursula 47178 Am Witrahm 19
– Ursula 47137 Bernhard- 30
– Ursula 47057 Gauß- 4
Schaefer Ursula 47051 Neckar- 23
Schäfer Ursula
47279 Teichgraben 12
– Ursula 47167 Usedom- 4
– Ursula 47249 Duisburger Land- 282
– Ute 47137 Horst- 3
– Ute 47055 Markus- 86
– Uwe 47179 Allensteiner Ring 54
– Uwe 47229 Borken- 6
– Uwe 47137 Hollenberg- 5
– Uwe 47169 Kaiser-Friedrich- 96
– Uwe 47059 Kalilerfelder- 26
– Vadim 47138 Emmericher- 127
– Valerian 47249 Angerlabe- 96
– Veronika 47169 Nord- 175
– Viktor 47137 Emser- 8
– Volker 47138 Emmericher- 127
– Volker 47058 Kiefernweg 23
– Volker 47198 Mühlen- 6
– Walburga 47178 Meineler- 32b
– Walter 47198 Duisburger- 87
– Walter 47178 Duisburger- 331
– Walter 47249 Großenbaumer
Allee 291c
– Walter 47166 Kardinal-Galen- 113
– Walter 47139 Koblenzer Ring 40a
Schaefer Walter 47226 Lortzing- 20
Schäfer Walter 47179 Rhein- 65
– Walter 47137 Salm- 20
– Walter 47279 Am
Siepenkothen 12
– Wanda 47139 Mühlenkamp- 4
– Werner 47178 Am Witrahm 19b
– Werner 47179 Beckersloh 5
– Werner 47198 Ost- 6b
– Werner 47198 Ost- 6b
– Werner 47057 Sternbuschweg 336
– Wilfried 47229 Kronprinzen- 58a
– Wilfried 47138 Albrecht- 53
– Wilfried 47198 Mühlen- 6
– Wilhelm 47269 Großenbaumer
Allee 165
– Wilhelm 47169 Kaiser-
Friedrich- 96
– Wilhelm 47228 Lange- 102
– Wilhelm 47178 Römer- 462
– Wilhelmine 47198 Schmiede- 6
– Wilhelmine 47053 Heer- 45
– Willi 47053 Kaiser- 93
– Willi 47228 Rotdornweg 1
– Willi 47053 Schulze- 50
– Willi 47138 Albrecht- 53
– Willi 47137 Odenwald- 1
– Willi 47226 Rückert- 2
– Wolfgang 47119 Haniel- 1a
– Wolfgang 47249 Lorne- 18
– Wolfgang 47058 Meidericher- 37
Einwohner
Namen-Teil
Gewerbebetriebe/Dienstleister nach Namen – siehe gelber Teil
4-DU
